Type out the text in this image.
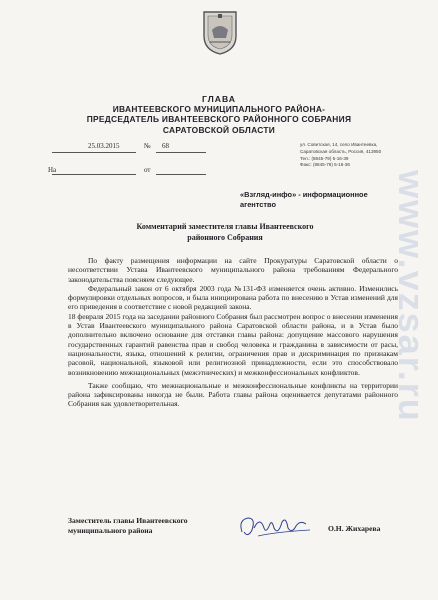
ГЛАВА
ИВАНТЕЕВСКОГО МУНИЦИПАЛЬНОГО РАЙОНА-
ПРЕДСЕДАТЕЛЬ ИВАНТЕЕВСКОГО РАЙОННОГО СОБРАНИЯ
САРАТОВСКОЙ ОБЛАСТИ
25.03.2015	№ 68
На	от
ул. Советская, 14, село Ивантеевка,
Саратовская область, Россия, 413950
Тел.: (8845-79) 5-16-39
Факс: (8845-79) 5-16-36
«Взгляд-инфо» - информационное
агентство
Комментарий заместителя главы Ивантеевского
районного Собрания

По факту размещения информации на сайте Прокуратуры Саратовской области о несоответствии Устава Ивантеевского муниципального района требованиям Федерального законодательства поясняем следующее.

Федеральный закон от 6 октября 2003 года №131-ФЗ изменяется очень активно. Изменились формулировки отдельных вопросов, и была инициирована работа по внесению в Устав изменений для его приведения в соответствие с новой редакцией закона.

18 февраля 2015 года на заседании районного Собрания был рассмотрен вопрос о внесении изменения в Устав Ивантеевского муниципального района Саратовской области района, и в Устав было дополнительно включено основание для отставки главы района: допущение массового нарушения государственных гарантий равенства прав и свобод человека и гражданина в зависимости от расы, национальности, языка, отношений к религии, ограничения прав и дискриминация по признакам расовой, национальной, языковой или религиозной принадлежности, если это способствовало возникновению межнациональных (межэтнических) и межконфессиональных конфликтов.

Также сообщаю, что межнациональные и межконфессиональные конфликты на территории района зафиксированы никогда не были. Работа главы района оценивается депутатами районного Собрания как удовлетворительная.

Заместитель главы Ивантеевского
муниципального района	О.Н. Жихарева
www.vzsar.ru
